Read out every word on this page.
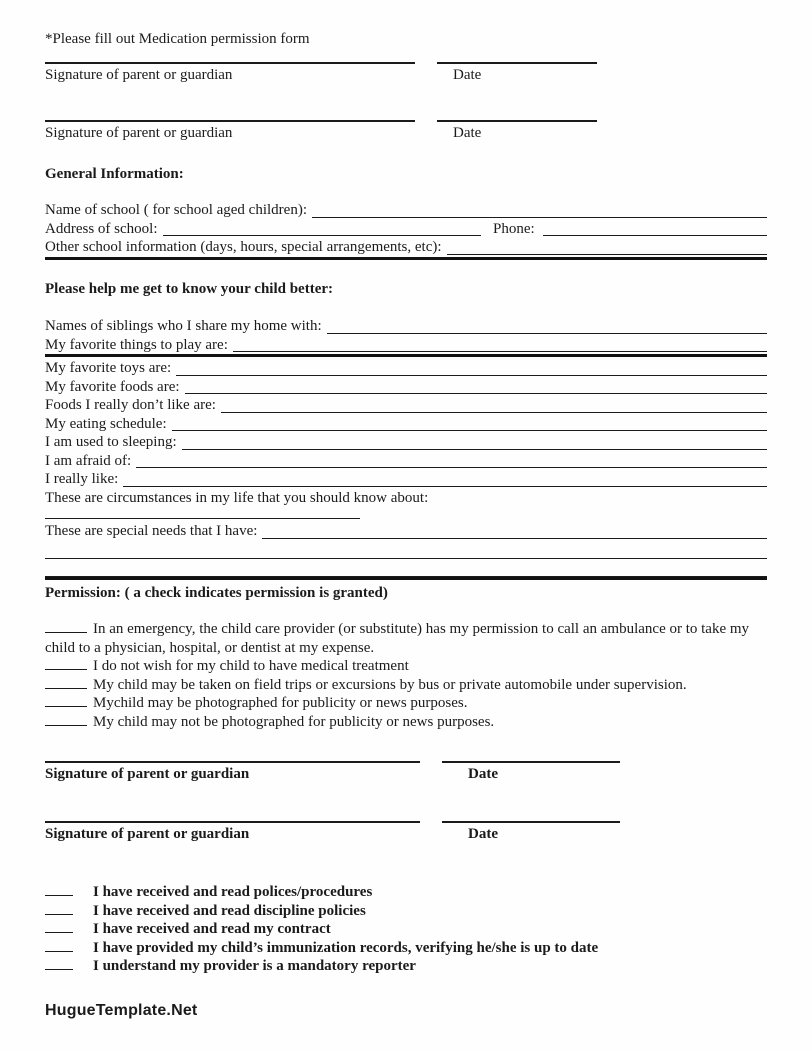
*Please fill out Medication permission form

Signature of parent or guardian	Date
Signature of parent or guardian	Date
General Information:
Name of school ( for school aged children):
Address of school:	Phone:
Other school information (days, hours, special arrangements, etc):
Please help me get to know your child better:
Names of siblings who I share my home with:
My favorite things to play are:
My favorite toys are:
My favorite foods are:
Foods I really don’t like are:
My eating schedule:
I am used to sleeping:
I am afraid of:
I really like:
These are circumstances in my life that you should know about:
These are special needs that I have:
Permission: ( a check indicates permission is granted)

In an emergency, the child care provider (or substitute) has my permission to call an ambulance or to take my child to a physician, hospital, or dentist at my expense.

I do not wish for my child to have medical treatment

My child may be taken on field trips or excursions by bus or private automobile under supervision.

Mychild may be photographed for publicity or news purposes.

My child may not be photographed for publicity or news purposes.

Signature of parent or guardian	Date
Signature of parent or guardian	Date
I have received and read polices/procedures
I have received and read discipline policies
I have received and read my contract
I have provided my child’s immunization records, verifying he/she is up to date
I understand my provider is a mandatory reporter
HugueTemplate.Net
